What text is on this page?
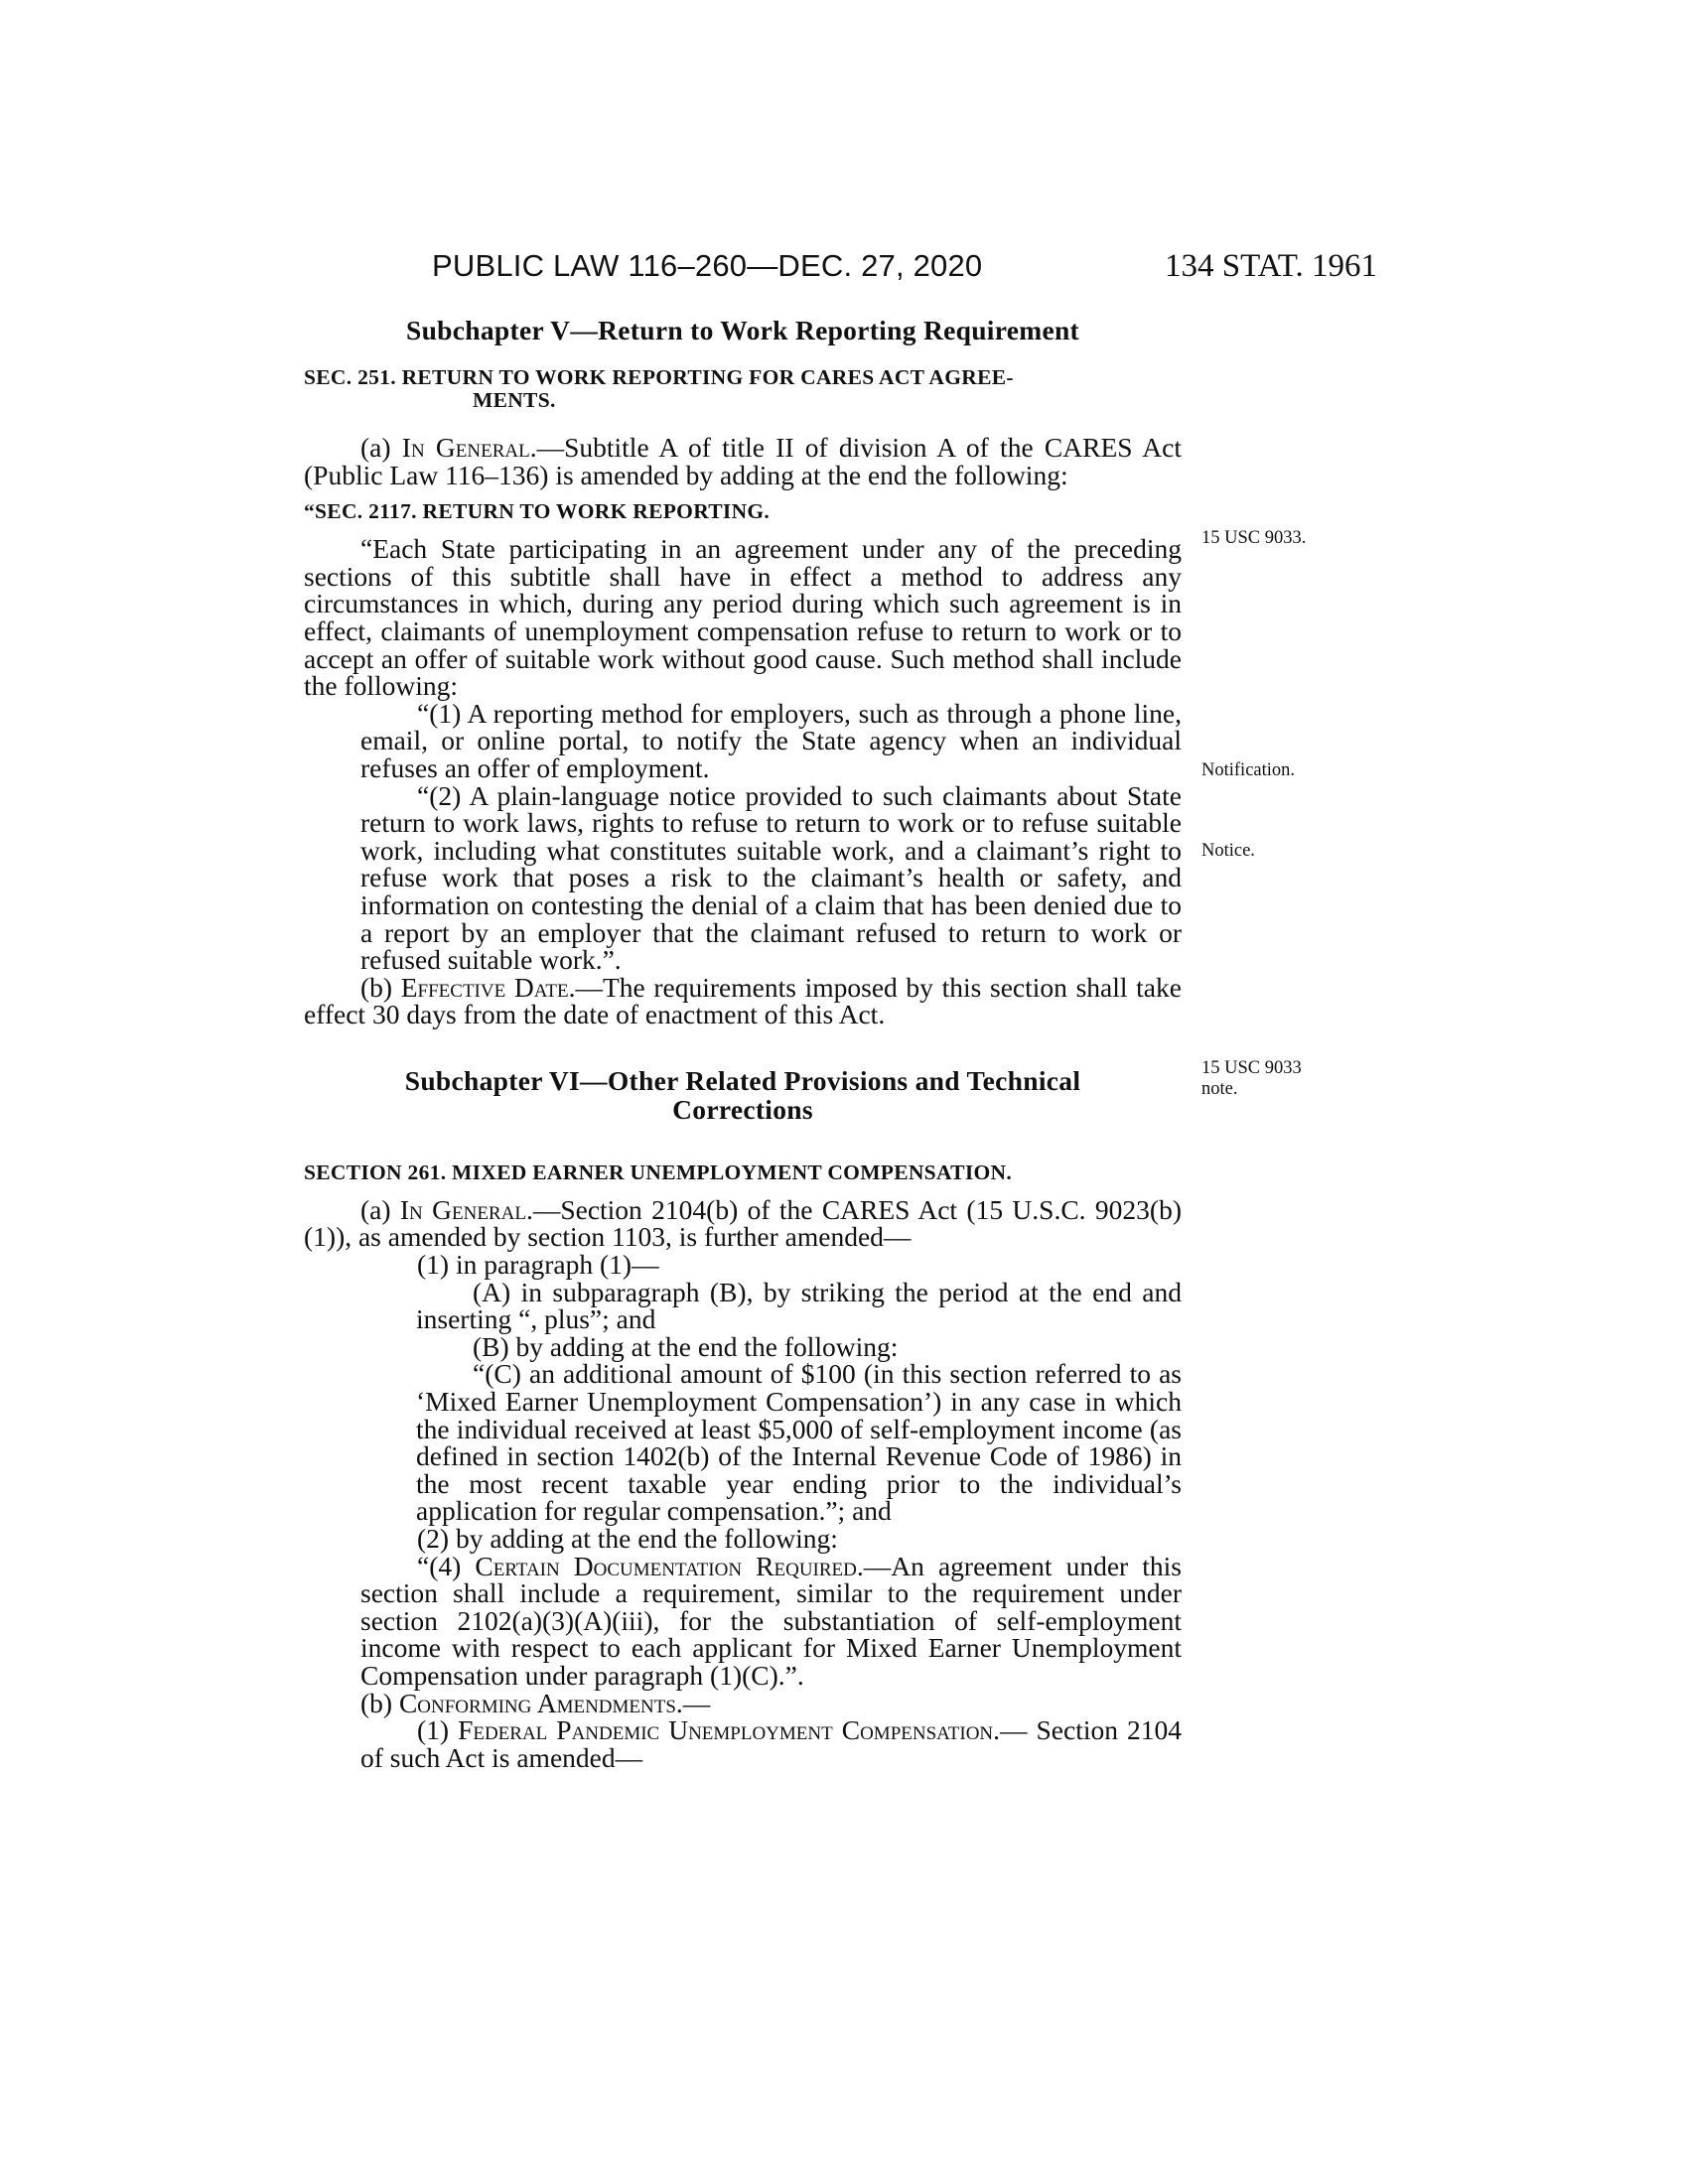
PUBLIC LAW 116–260—DEC. 27, 2020	134 STAT. 1961

Subchapter V—Return to Work Reporting Requirement

SEC. 251. RETURN TO WORK REPORTING FOR CARES ACT AGREE-
MENTS.

(a) In General.—Subtitle A of title II of division A of the CARES Act (Public Law 116–136) is amended by adding at the end the following:

“SEC. 2117. RETURN TO WORK REPORTING.

“Each State participating in an agreement under any of the preceding sections of this subtitle shall have in effect a method to address any circumstances in which, during any period during which such agreement is in effect, claimants of unemployment compensation refuse to return to work or to accept an offer of suitable work without good cause. Such method shall include the following:

“(1) A reporting method for employers, such as through a phone line, email, or online portal, to notify the State agency when an individual refuses an offer of employment.

“(2) A plain-language notice provided to such claimants about State return to work laws, rights to refuse to return to work or to refuse suitable work, including what constitutes suitable work, and a claimant’s right to refuse work that poses a risk to the claimant’s health or safety, and information on contesting the denial of a claim that has been denied due to a report by an employer that the claimant refused to return to work or refused suitable work.”.

(b) Effective Date.—The requirements imposed by this section shall take effect 30 days from the date of enactment of this Act.

Subchapter VI—Other Related Provisions and Technical
Corrections
SECTION 261. MIXED EARNER UNEMPLOYMENT COMPENSATION.

(a) In General.—Section 2104(b) of the CARES Act (15 U.S.C. 9023(b)(1)), as amended by section 1103, is further amended—

(1) in paragraph (1)—

(A) in subparagraph (B), by striking the period at the end and inserting “, plus”; and

(B) by adding at the end the following:

“(C) an additional amount of $100 (in this section referred to as ‘Mixed Earner Unemployment Compensation’) in any case in which the individual received at least $5,000 of self-employment income (as defined in section 1402(b) of the Internal Revenue Code of 1986) in the most recent taxable year ending prior to the individual’s application for regular compensation.”; and

(2) by adding at the end the following:

“(4) Certain Documentation Required.—An agreement under this section shall include a requirement, similar to the requirement under section 2102(a)(3)(A)(iii), for the substantiation of self-employment income with respect to each applicant for Mixed Earner Unemployment Compensation under paragraph (1)(C).”.

(b) Conforming Amendments.—

(1) Federal Pandemic Unemployment Compensation.— Section 2104 of such Act is amended—

15 USC 9033.
Notification.
Notice.
15 USC 9033
note.
